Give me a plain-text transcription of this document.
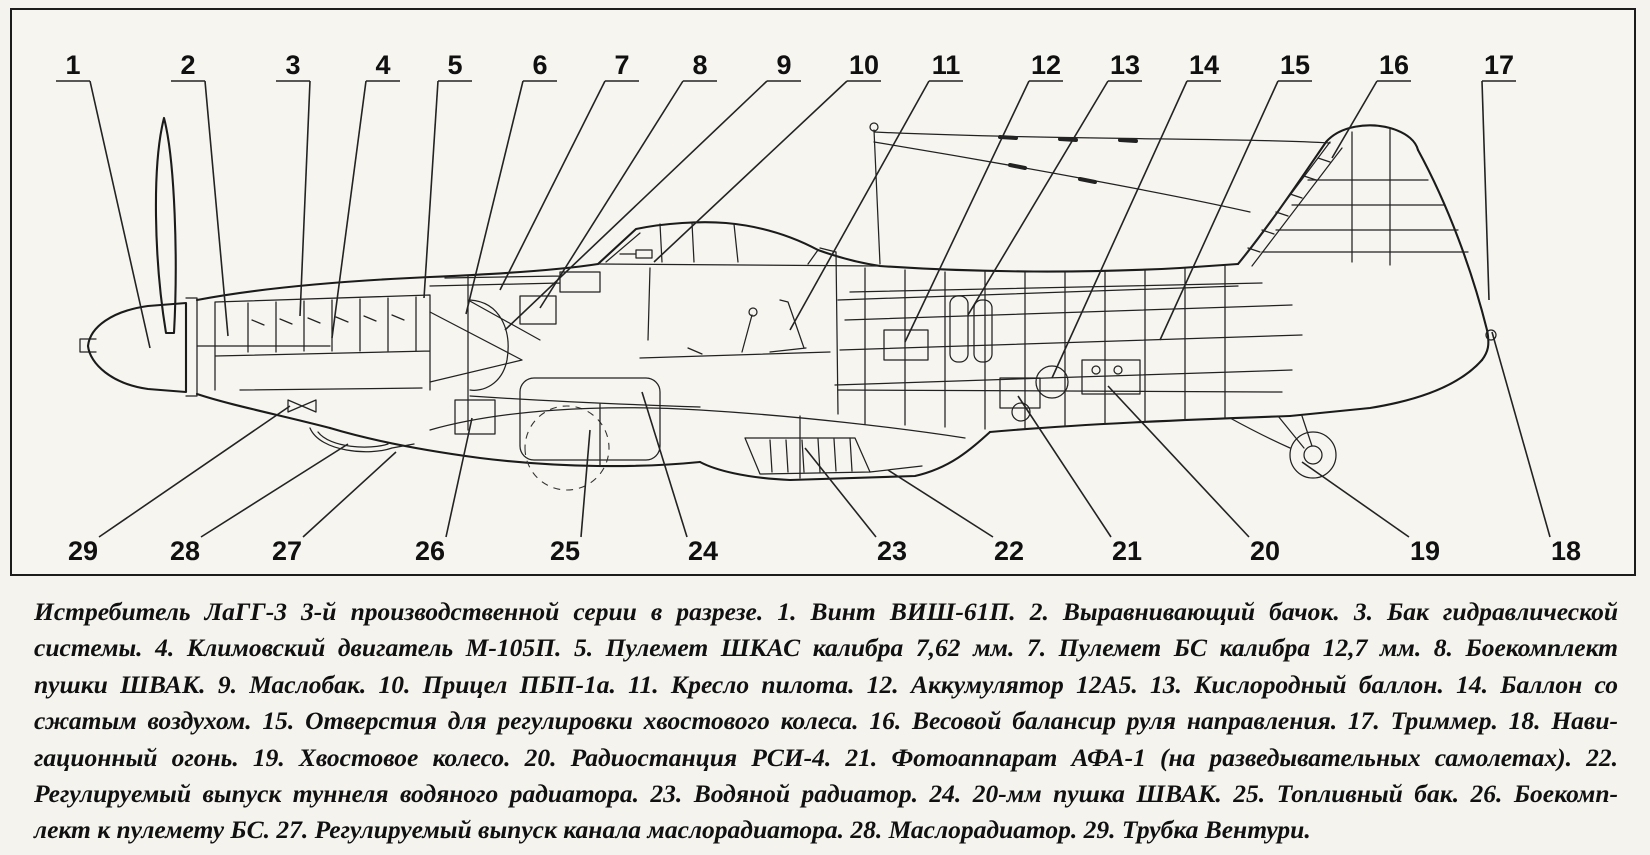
1	2	3	4 5	6 7 8	9 10 11	12 13 14 15	16	17
29	28	27	26	25	24	23	22	21	20	19	18
Истребитель ЛаГГ-3 3-й производственной серии в разрезе. 1. Винт ВИШ-61П. 2. Выравнивающий бачок. 3. Бак гидравлической
системы. 4. Климовский двигатель М-105П. 5. Пулемет ШКАС калибра 7,62 мм. 7. Пулемет БС калибра 12,7 мм. 8. Боекомплект
пушки ШВАК. 9. Маслобак. 10. Прицел ПБП-1а. 11. Кресло пилота. 12. Аккумулятор 12А5. 13. Кислородный баллон. 14. Баллон со
сжатым воздухом. 15. Отверстия для регулировки хвостового колеса. 16. Весовой балансир руля направления. 17. Триммер. 18. Нави-
гационный огонь. 19. Хвостовое колесо. 20. Радиостанция РСИ-4. 21. Фотоаппарат АФА-1 (на разведывательных самолетах). 22.
Регулируемый выпуск туннеля водяного радиатора. 23. Водяной радиатор. 24. 20-мм пушка ШВАК. 25. Топливный бак. 26. Боекомп-
лект к пулемету БС. 27. Регулируемый выпуск канала маслорадиатора. 28. Маслорадиатор. 29. Трубка Вентури.
